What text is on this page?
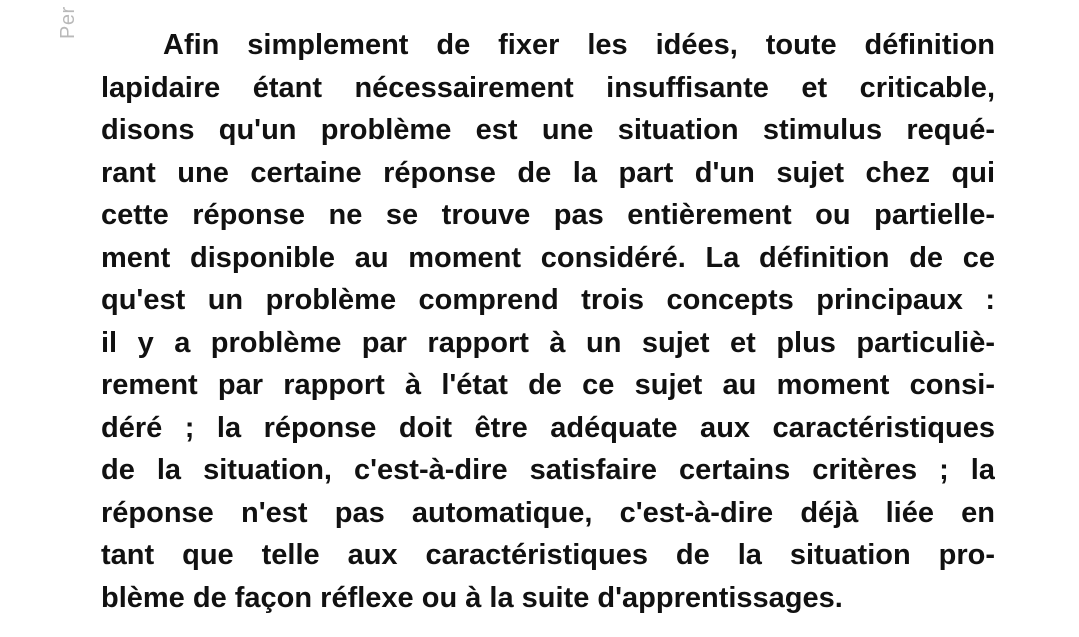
Per
Afin simplement de fixer les idées, toute définition
lapidaire étant nécessairement insuffisante et criticable,
disons qu'un problème est une situation stimulus requé-
rant une certaine réponse de la part d'un sujet chez qui
cette réponse ne se trouve pas entièrement ou partielle-
ment disponible au moment considéré. La définition de ce
qu'est un problème comprend trois concepts principaux :
il y a problème par rapport à un sujet et plus particuliè-
rement par rapport à l'état de ce sujet au moment consi-
déré ; la réponse doit être adéquate aux caractéristiques
de la situation, c'est-à-dire satisfaire certains critères ; la
réponse n'est pas automatique, c'est-à-dire déjà liée en
tant que telle aux caractéristiques de la situation pro-
blème de façon réflexe ou à la suite d'apprentissages.
